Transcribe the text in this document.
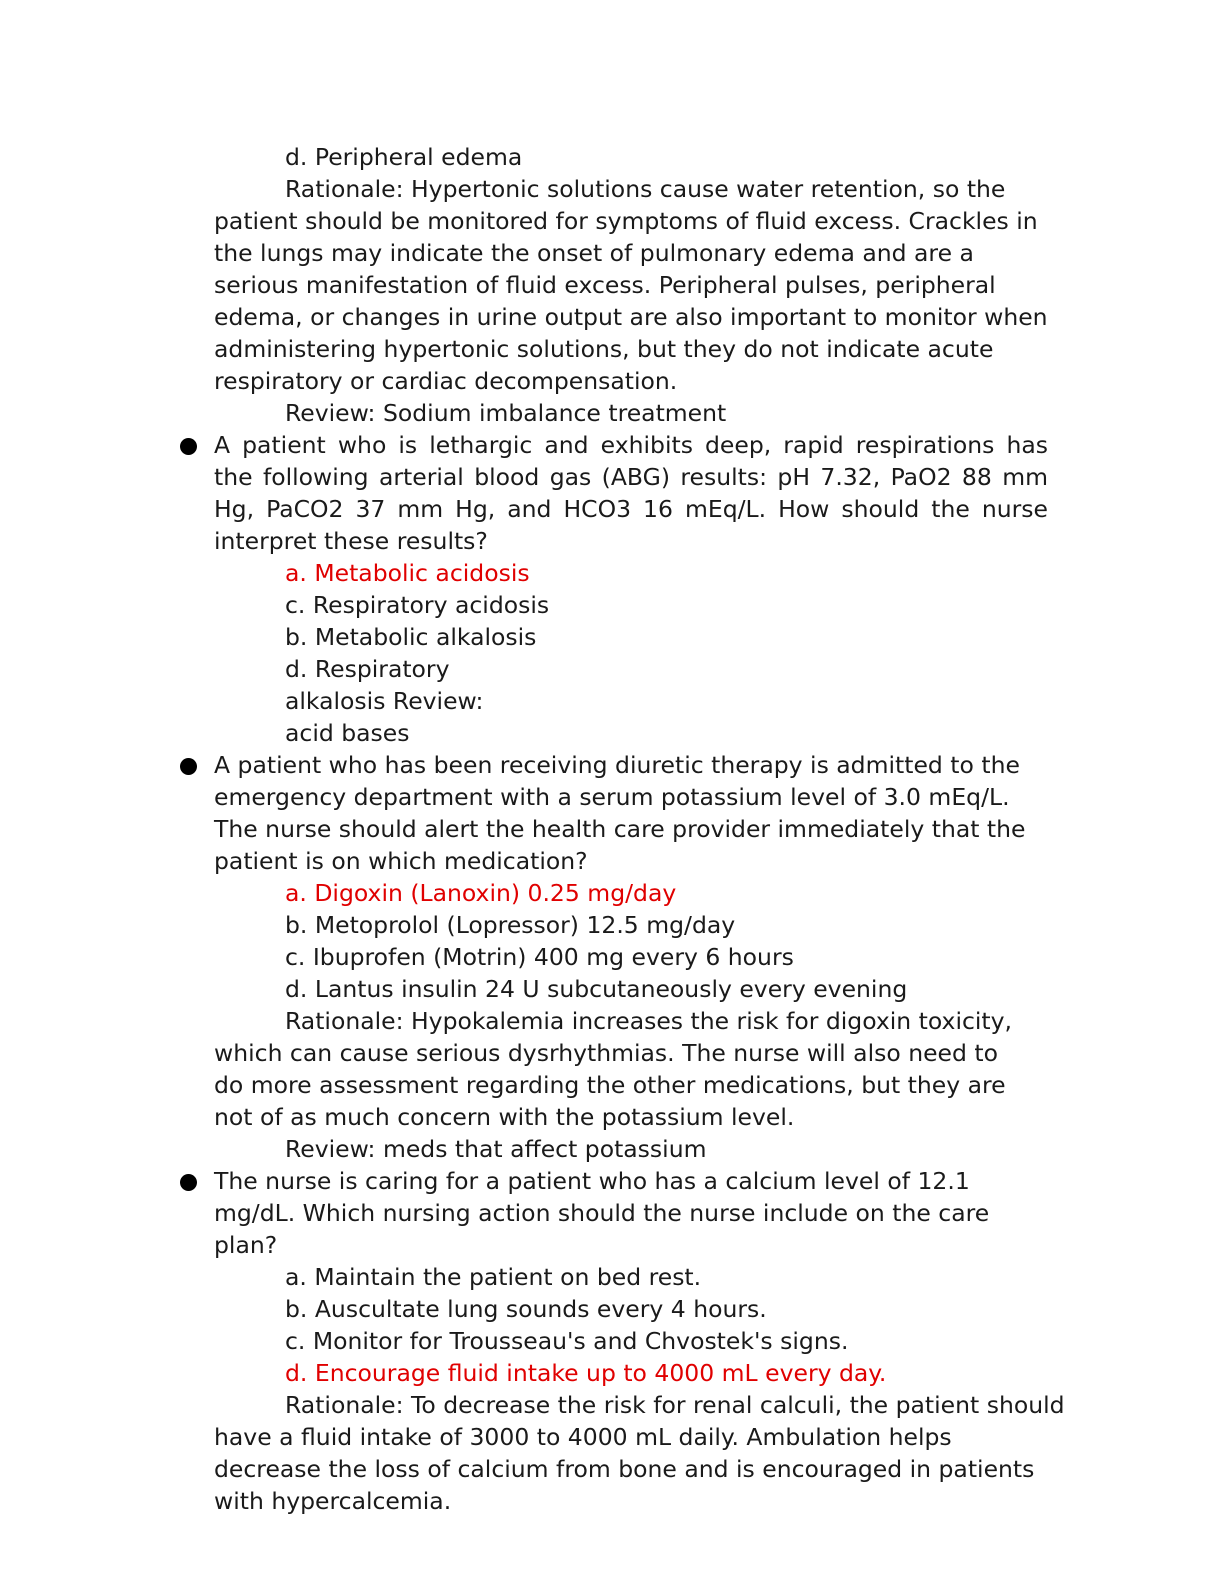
d. Peripheral edema
Rationale: Hypertonic solutions cause water retention, so the
patient should be monitored for symptoms of fluid excess. Crackles in
the lungs may indicate the onset of pulmonary edema and are a
serious manifestation of fluid excess. Peripheral pulses, peripheral
edema, or changes in urine output are also important to monitor when
administering hypertonic solutions, but they do not indicate acute
respiratory or cardiac decompensation.
Review: Sodium imbalance treatment
A patient who is lethargic and exhibits deep, rapid respirations has
the following arterial blood gas (ABG) results: pH 7.32, PaO2 88 mm
Hg, PaCO2 37 mm Hg, and HCO3 16 mEq/L. How should the nurse
interpret these results?
a. Metabolic acidosis
c. Respiratory acidosis
b. Metabolic alkalosis
d. Respiratory
alkalosis Review:
acid bases
A patient who has been receiving diuretic therapy is admitted to the
emergency department with a serum potassium level of 3.0 mEq/L.
The nurse should alert the health care provider immediately that the
patient is on which medication?
a. Digoxin (Lanoxin) 0.25 mg/day
b. Metoprolol (Lopressor) 12.5 mg/day
c. Ibuprofen (Motrin) 400 mg every 6 hours
d. Lantus insulin 24 U subcutaneously every evening
Rationale: Hypokalemia increases the risk for digoxin toxicity,
which can cause serious dysrhythmias. The nurse will also need to
do more assessment regarding the other medications, but they are
not of as much concern with the potassium level.
Review: meds that affect potassium
The nurse is caring for a patient who has a calcium level of 12.1
mg/dL. Which nursing action should the nurse include on the care
plan?
a. Maintain the patient on bed rest.
b. Auscultate lung sounds every 4 hours.
c. Monitor for Trousseau's and Chvostek's signs.
d. Encourage fluid intake up to 4000 mL every day.
Rationale: To decrease the risk for renal calculi, the patient should
have a fluid intake of 3000 to 4000 mL daily. Ambulation helps
decrease the loss of calcium from bone and is encouraged in patients
with hypercalcemia.
